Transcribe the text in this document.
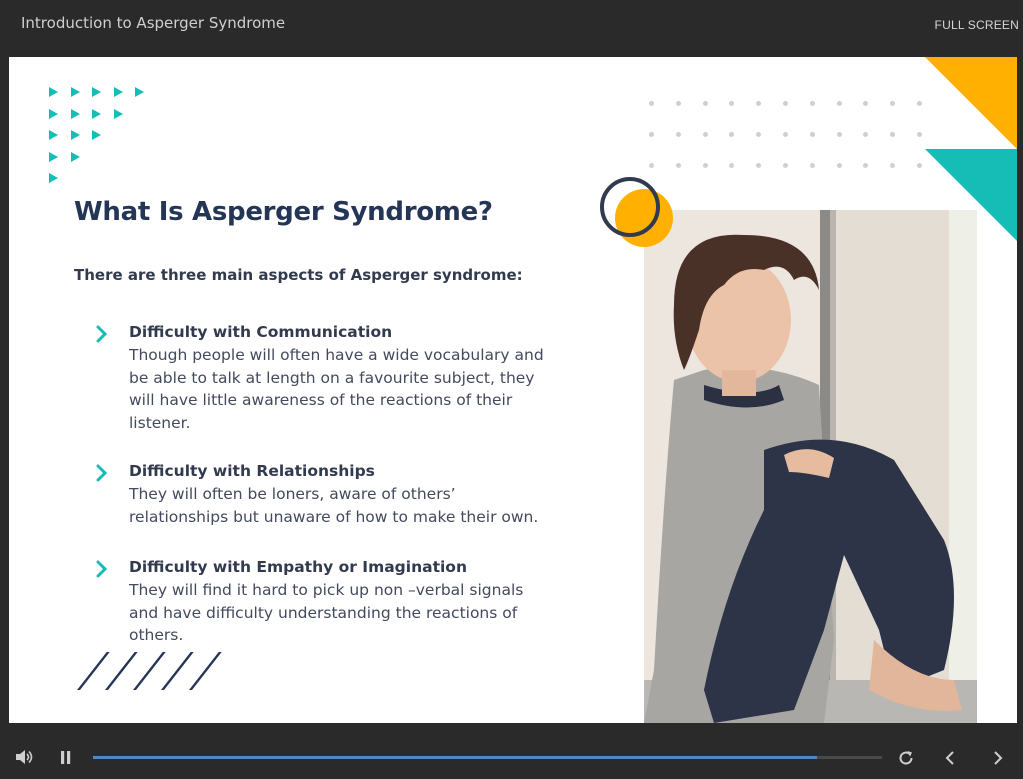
Introduction to Asperger Syndrome	FULL SCREEN
What Is Asperger Syndrome?

There are three main aspects of Asperger syndrome:

Difficulty with Communication
Though people will often have a wide vocabulary and be able to talk at length on a favourite subject, they will have little awareness of the reactions of their listener.
Difficulty with Relationships
They will often be loners, aware of others’ relationships but unaware of how to make their own.
Difficulty with Empathy or Imagination
They will find it hard to pick up non –verbal signals and have difficulty understanding the reactions of others.
